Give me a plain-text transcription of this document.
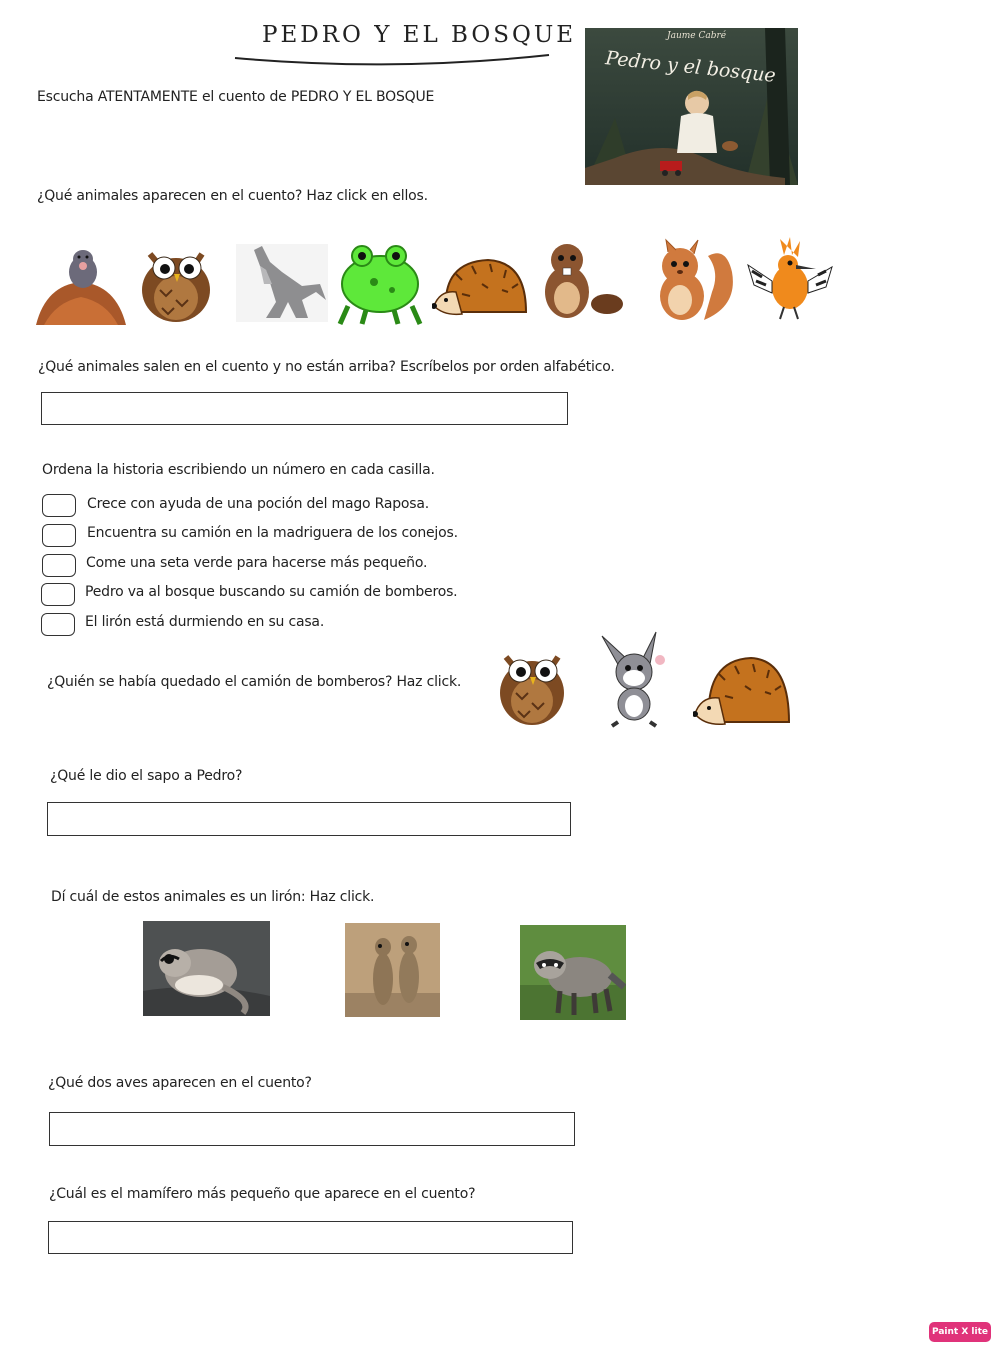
PEDRO Y EL BOSQUE	Jaume Cabré
Pedro y el bosque
Escucha ATENTAMENTE el cuento de PEDRO Y EL BOSQUE
¿Qué animales aparecen en el cuento? Haz click en ellos.
¿Qué animales salen en el cuento y no están arriba? Escríbelos por orden alfabético.
Ordena la historia escribiendo un número en cada casilla.
Crece con ayuda de una poción del mago Raposa.
Encuentra su camión en la madriguera de los conejos.
Come una seta verde para hacerse más pequeño.
Pedro va al bosque buscando su camión de bomberos.
El lirón está durmiendo en su casa.
¿Quién se había quedado el camión de bomberos? Haz click.
¿Qué le dio el sapo a Pedro?
Dí cuál de estos animales es un lirón: Haz click.
¿Qué dos aves aparecen en el cuento?
¿Cuál es el mamífero más pequeño que aparece en el cuento?
Paint X lite
